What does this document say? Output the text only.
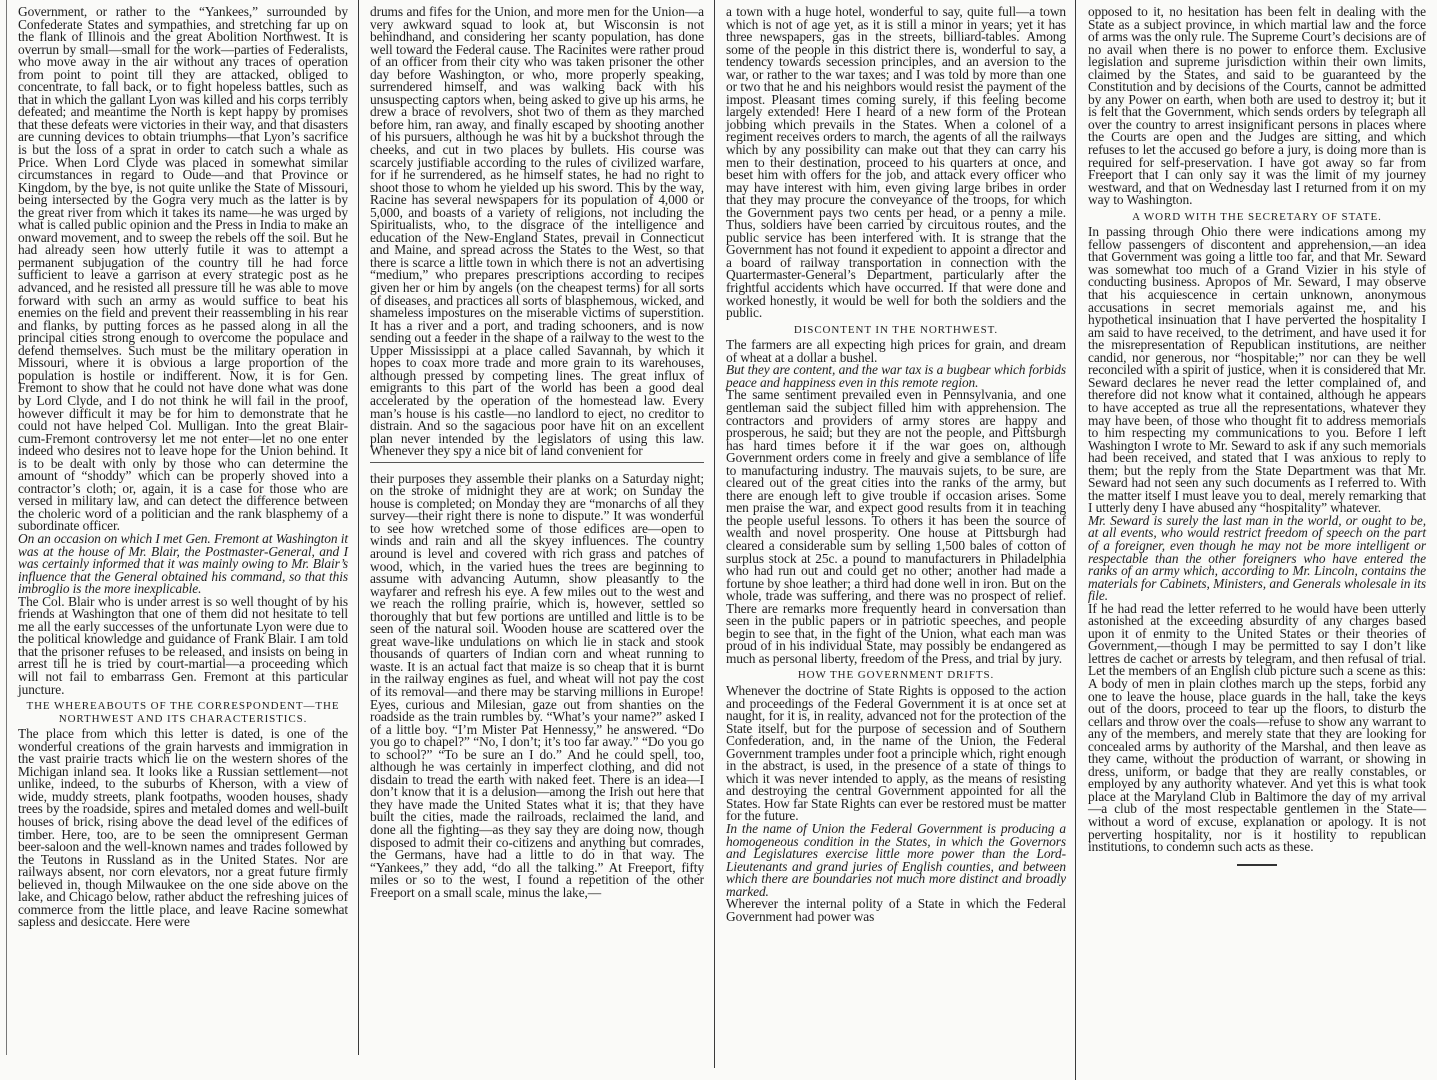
Government, or rather to the “Yankees,” surrounded by Confederate States and sympathies, and stretching far up on the flank of Illinois and the great Abolition Northwest. It is overrun by small—small for the work—parties of Federalists, who move away in the air without any traces of operation from point to point till they are attacked, obliged to concentrate, to fall back, or to fight hopeless battles, such as that in which the gallant Lyon was killed and his corps terribly defeated; and meantime the North is kept happy by promises that these defeats were victories in their way, and that disasters are cunning devices to obtain triumphs—that Lyon’s sacrifice is but the loss of a sprat in order to catch such a whale as Price. When Lord Clyde was placed in somewhat similar circumstances in regard to Oude—and that Province or Kingdom, by the bye, is not quite unlike the State of Missouri, being intersected by the Gogra very much as the latter is by the great river from which it takes its name—he was urged by what is called public opinion and the Press in India to make an onward movement, and to sweep the rebels off the soil. But he had already seen how utterly futile it was to attempt a permanent subjugation of the country till he had force sufficient to leave a garrison at every strategic post as he advanced, and he resisted all pressure till he was able to move forward with such an army as would suffice to beat his enemies on the field and prevent their reassembling in his rear and flanks, by putting forces as he passed along in all the principal cities strong enough to overcome the populace and defend themselves. Such must be the military operation in Missouri, where it is obvious a large proportion of the population is hostile or indifferent. Now, it is for Gen. Fremont to show that he could not have done what was done by Lord Clyde, and I do not think he will fail in the proof, however difficult it may be for him to demonstrate that he could not have helped Col. Mulligan. Into the great Blair-cum-Fremont controversy let me not enter—let no one enter indeed who desires not to leave hope for the Union behind. It is to be dealt with only by those who can determine the amount of “shoddy” which can be properly shoved into a contractor’s cloth; or, again, it is a case for those who are versed in military law, and can detect the difference between the choleric word of a politician and the rank blasphemy of a subordinate officer.

On an occasion on which I met Gen. Fremont at Washington it was at the house of Mr. Blair, the Postmaster-General, and I was certainly informed that it was mainly owing to Mr. Blair’s influence that the General obtained his command, so that this imbroglio is the more inexplicable.

The Col. Blair who is under arrest is so well thought of by his friends at Washington that one of them did not hesitate to tell me all the early successes of the unfortunate Lyon were due to the political knowledge and guidance of Frank Blair. I am told that the prisoner refuses to be released, and insists on being in arrest till he is tried by court-martial—a proceeding which will not fail to embarrass Gen. Fremont at this particular juncture.

THE WHEREABOUTS OF THE CORRESPONDENT—THE NORTHWEST AND ITS CHARACTERISTICS.

The place from which this letter is dated, is one of the wonderful creations of the grain harvests and immigration in the vast prairie tracts which lie on the western shores of the Michigan inland sea. It looks like a Russian settlement—not unlike, indeed, to the suburbs of Kherson, with a view of wide, muddy streets, plank footpaths, wooden houses, shady trees by the roadside, spires and metaled domes and well-built houses of brick, rising above the dead level of the edifices of timber. Here, too, are to be seen the omnipresent German beer-saloon and the well-known names and trades followed by the Teutons in Russland as in the United States. Nor are railways absent, nor corn elevators, nor a great future firmly believed in, though Milwaukee on the one side above on the lake, and Chicago below, rather abduct the refreshing juices of commerce from the little place, and leave Racine somewhat sapless and desiccate. Here were

drums and fifes for the Union, and more men for the Union—a very awkward squad to look at, but Wisconsin is not behindhand, and considering her scanty population, has done well toward the Federal cause. The Racinites were rather proud of an officer from their city who was taken prisoner the other day before Washington, or who, more properly speaking, surrendered himself, and was walking back with his unsuspecting captors when, being asked to give up his arms, he drew a brace of revolvers, shot two of them as they marched before him, ran away, and finally escaped by shooting another of his pursuers, although he was hit by a buckshot through the cheeks, and cut in two places by bullets. His course was scarcely justifiable according to the rules of civilized warfare, for if he surrendered, as he himself states, he had no right to shoot those to whom he yielded up his sword. This by the way, Racine has several newspapers for its population of 4,000 or 5,000, and boasts of a variety of religions, not including the Spiritualists, who, to the disgrace of the intelligence and education of the New-England States, prevail in Connecticut and Maine, and spread across the States to the West, so that there is scarce a little town in which there is not an advertising “medium,” who prepares prescriptions according to recipes given her or him by angels (on the cheapest terms) for all sorts of diseases, and practices all sorts of blasphemous, wicked, and shameless impostures on the miserable victims of superstition. It has a river and a port, and trading schooners, and is now sending out a feeder in the shape of a railway to the west to the Upper Mississippi at a place called Savannah, by which it hopes to coax more trade and more grain to its warehouses, although pressed by competing lines. The great influx of emigrants to this part of the world has been a good deal accelerated by the operation of the homestead law. Every man’s house is his castle—no landlord to eject, no creditor to distrain. And so the sagacious poor have hit on an excellent plan never intended by the legislators of using this law. Whenever they spy a nice bit of land convenient for

their purposes they assemble their planks on a Saturday night; on the stroke of midnight they are at work; on Sunday the house is completed; on Monday they are “monarchs of all they survey—their right there is none to dispute.” It was wonderful to see how wretched some of those edifices are—open to winds and rain and all the skyey influences. The country around is level and covered with rich grass and patches of wood, which, in the varied hues the trees are beginning to assume with advancing Autumn, show pleasantly to the wayfarer and refresh his eye. A few miles out to the west and we reach the rolling prairie, which is, however, settled so thoroughly that but few portions are untilled and little is to be seen of the natural soil. Wooden house are scattered over the great wave-like undulations on which lie in stack and stook thousands of quarters of Indian corn and wheat running to waste. It is an actual fact that maize is so cheap that it is burnt in the railway engines as fuel, and wheat will not pay the cost of its removal—and there may be starving millions in Europe! Eyes, curious and Milesian, gaze out from shanties on the roadside as the train rumbles by. “What’s your name?” asked I of a little boy. “I’m Mister Pat Hennessy,” he answered. “Do you go to chapel?” “No, I don’t; it’s too far away.” “Do you go to school?” “To be sure an I do.” And he could spell, too, although he was certainly in imperfect clothing, and did not disdain to tread the earth with naked feet. There is an idea—I don’t know that it is a delusion—among the Irish out here that they have made the United States what it is; that they have built the cities, made the railroads, reclaimed the land, and done all the fighting—as they say they are doing now, though disposed to admit their co-citizens and anything but comrades, the Germans, have had a little to do in that way. The “Yankees,” they add, “do all the talking.” At Freeport, fifty miles or so to the west, I found a repetition of the other Freeport on a small scale, minus the lake,—

a town with a huge hotel, wonderful to say, quite full—a town which is not of age yet, as it is still a minor in years; yet it has three newspapers, gas in the streets, billiard-tables. Among some of the people in this district there is, wonderful to say, a tendency towards secession principles, and an aversion to the war, or rather to the war taxes; and I was told by more than one or two that he and his neighbors would resist the payment of the impost. Pleasant times coming surely, if this feeling become largely extended! Here I heard of a new form of the Protean jobbing which prevails in the States. When a colonel of a regiment receives orders to march, the agents of all the railways which by any possibility can make out that they can carry his men to their destination, proceed to his quarters at once, and beset him with offers for the job, and attack every officer who may have interest with him, even giving large bribes in order that they may procure the conveyance of the troops, for which the Government pays two cents per head, or a penny a mile. Thus, soldiers have been carried by circuitous routes, and the public service has been interfered with. It is strange that the Government has not found it expedient to appoint a director and a board of railway transportation in connection with the Quartermaster-General’s Department, particularly after the frightful accidents which have occurred. If that were done and worked honestly, it would be well for both the soldiers and the public.

DISCONTENT IN THE NORTHWEST.

The farmers are all expecting high prices for grain, and dream of wheat at a dollar a bushel.

But they are content, and the war tax is a bugbear which forbids peace and happiness even in this remote region.

The same sentiment prevailed even in Pennsylvania, and one gentleman said the subject filled him with apprehension. The contractors and providers of army stores are happy and prosperous, he said; but they are not the people, and Pittsburgh has hard times before it if the war goes on, although Government orders come in freely and give a semblance of life to manufacturing industry. The mauvais sujets, to be sure, are cleared out of the great cities into the ranks of the army, but there are enough left to give trouble if occasion arises. Some men praise the war, and expect good results from it in teaching the people useful lessons. To others it has been the source of wealth and novel prosperity. One house at Pittsburgh had cleared a considerable sum by selling 1,500 bales of cotton of surplus stock at 25c. a pound to manufacturers in Philadelphia who had run out and could get no other; another had made a fortune by shoe leather; a third had done well in iron. But on the whole, trade was suffering, and there was no prospect of relief. There are remarks more frequently heard in conversation than seen in the public papers or in patriotic speeches, and people begin to see that, in the fight of the Union, what each man was proud of in his individual State, may possibly be endangered as much as personal liberty, freedom of the Press, and trial by jury.

HOW THE GOVERNMENT DRIFTS.

Whenever the doctrine of State Rights is opposed to the action and proceedings of the Federal Government it is at once set at naught, for it is, in reality, advanced not for the protection of the State itself, but for the purpose of secession and of Southern Confederation, and, in the name of the Union, the Federal Government tramples under foot a principle which, right enough in the abstract, is used, in the presence of a state of things to which it was never intended to apply, as the means of resisting and destroying the central Government appointed for all the States. How far State Rights can ever be restored must be matter for the future.

In the name of Union the Federal Government is producing a homogeneous condition in the States, in which the Governors and Legislatures exercise little more power than the Lord-Lieutenants and grand juries of English counties, and between which there are boundaries not much more distinct and broadly marked.

Wherever the internal polity of a State in which the Federal Government had power was

opposed to it, no hesitation has been felt in dealing with the State as a subject province, in which martial law and the force of arms was the only rule. The Supreme Court’s decisions are of no avail when there is no power to enforce them. Exclusive legislation and supreme jurisdiction within their own limits, claimed by the States, and said to be guaranteed by the Constitution and by decisions of the Courts, cannot be admitted by any Power on earth, when both are used to destroy it; but it is felt that the Government, which sends orders by telegraph all over the country to arrest insignificant persons in places where the Courts are open and the Judges are sitting, and which refuses to let the accused go before a jury, is doing more than is required for self-preservation. I have got away so far from Freeport that I can only say it was the limit of my journey westward, and that on Wednesday last I returned from it on my way to Washington.

A WORD WITH THE SECRETARY OF STATE.

In passing through Ohio there were indications among my fellow passengers of discontent and apprehension,—an idea that Government was going a little too far, and that Mr. Seward was somewhat too much of a Grand Vizier in his style of conducting business. Apropos of Mr. Seward, I may observe that his acquiescence in certain unknown, anonymous accusations in secret memorials against me, and his hypothetical insinuation that I have perverted the hospitality I am said to have received, to the detriment, and have used it for the misrepresentation of Republican institutions, are neither candid, nor generous, nor “hospitable;” nor can they be well reconciled with a spirit of justice, when it is considered that Mr. Seward declares he never read the letter complained of, and therefore did not know what it contained, although he appears to have accepted as true all the representations, whatever they may have been, of those who thought fit to address memorials to him respecting my communications to you. Before I left Washington I wrote to Mr. Seward to ask if any such memorials had been received, and stated that I was anxious to reply to them; but the reply from the State Department was that Mr. Seward had not seen any such documents as I referred to. With the matter itself I must leave you to deal, merely remarking that I utterly deny I have abused any “hospitality” whatever.

Mr. Seward is surely the last man in the world, or ought to be, at all events, who would restrict freedom of speech on the part of a foreigner, even though he may not be more intelligent or respectable than the other foreigners who have entered the ranks of an army which, according to Mr. Lincoln, contains the materials for Cabinets, Ministers, and Generals wholesale in its file.

If he had read the letter referred to he would have been utterly astonished at the exceeding absurdity of any charges based upon it of enmity to the United States or their theories of Government,—though I may be permitted to say I don’t like lettres de cachet or arrests by telegram, and then refusal of trial. Let the members of an English club picture such a scene as this: A body of men in plain clothes march up the steps, forbid any one to leave the house, place guards in the hall, take the keys out of the doors, proceed to tear up the floors, to disturb the cellars and throw over the coals—refuse to show any warrant to any of the members, and merely state that they are looking for concealed arms by authority of the Marshal, and then leave as they came, without the production of warrant, or showing in dress, uniform, or badge that they are really constables, or employed by any authority whatever. And yet this is what took place at the Maryland Club in Baltimore the day of my arrival—a club of the most respectable gentlemen in the State—without a word of excuse, explanation or apology. It is not perverting hospitality, nor is it hostility to republican institutions, to condemn such acts as these.
